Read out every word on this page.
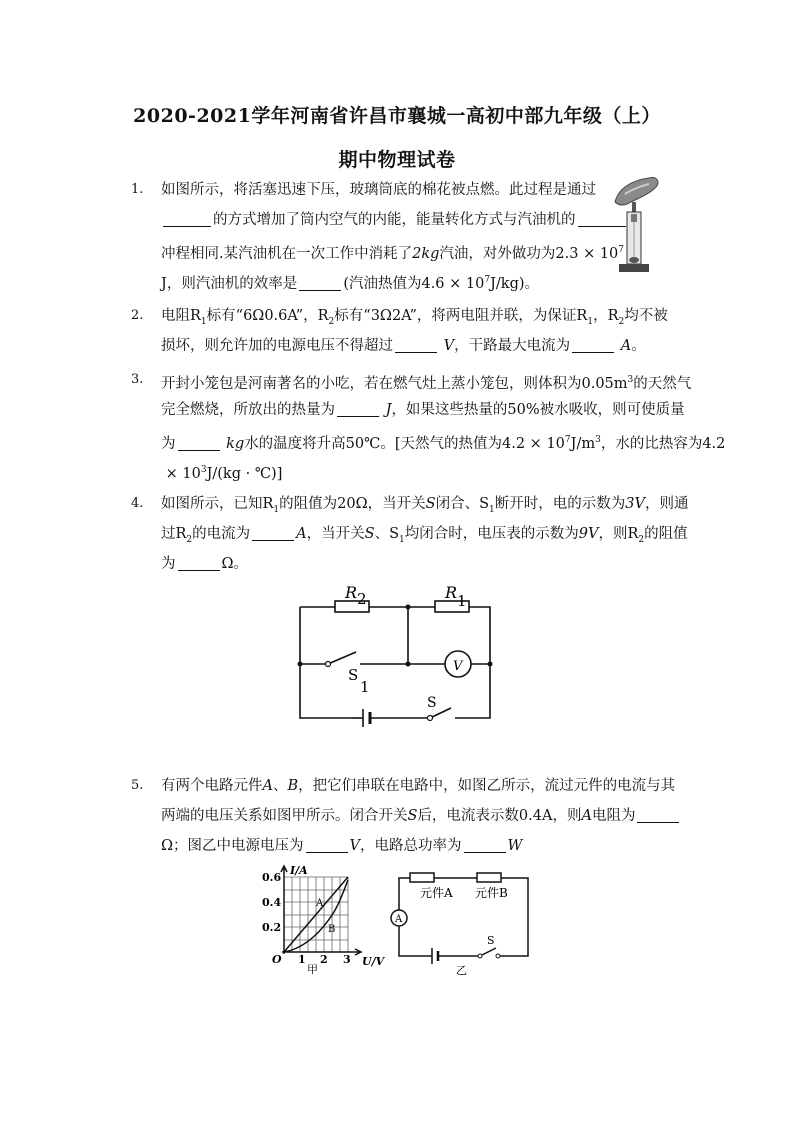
2020-2021学年河南省许昌市襄城一高初中部九年级（上）
期中物理试卷
1.	如图所示，将活塞迅速下压，玻璃筒底的棉花被点燃。此过程是通过
的方式增加了筒内空气的内能，能量转化方式与汽油机的
冲程相同.某汽油机在一次工作中消耗了2kg汽油，对外做功为$2.3 \times 10^7$
J，则汽油机的效率是	(汽油热值为$4.6 \times 10^7J/kg$)。
2.	电阻$R_1$标有“6Ω0.6A”，$R_2$标有“3Ω2A”，将两电阻并联，为保证$R_1$，$R_2$均不被
损坏，则允许加的电源电压不得超过	V，干路最大电流为	A。
3.	开封小笼包是河南著名的小吃，若在燃气灶上蒸小笼包，则体积为$0.05m^3$的天然气
完全燃烧，所放出的热量为	J，如果这些热量的50%被水吸收，则可使质量
为	kg水的温度将升高50℃。[天然气的热值为$4.2 \times 10^7J/m^3$，水的比热容为4.2
× $10^3J/(kg$ · ℃)]
4.	如图所示，已知$R_1$的阻值为20Ω，当开关S闭合、$S_1$断开时，电的示数为3V，则通
过$R_2$的电流为	A，当开关S、$S_1$均闭合时，电压表的示数为9V，则$R_2$的阻值
为	Ω。
R 2	R 1
V
S
1
S
5.	有两个电路元件A、B，把它们串联在电路中，如图乙所示，流过元件的电流与其
两端的电压关系如图甲所示。闭合开关S后，电流表示数0.4A，则A电阻为
Ω；图乙中电源电压为	V，电路总功率为	W
I/A
U/V
0.6
0.4
0.2
O 1 2 3
A
B
甲
元件A 元件B
A
S
乙
